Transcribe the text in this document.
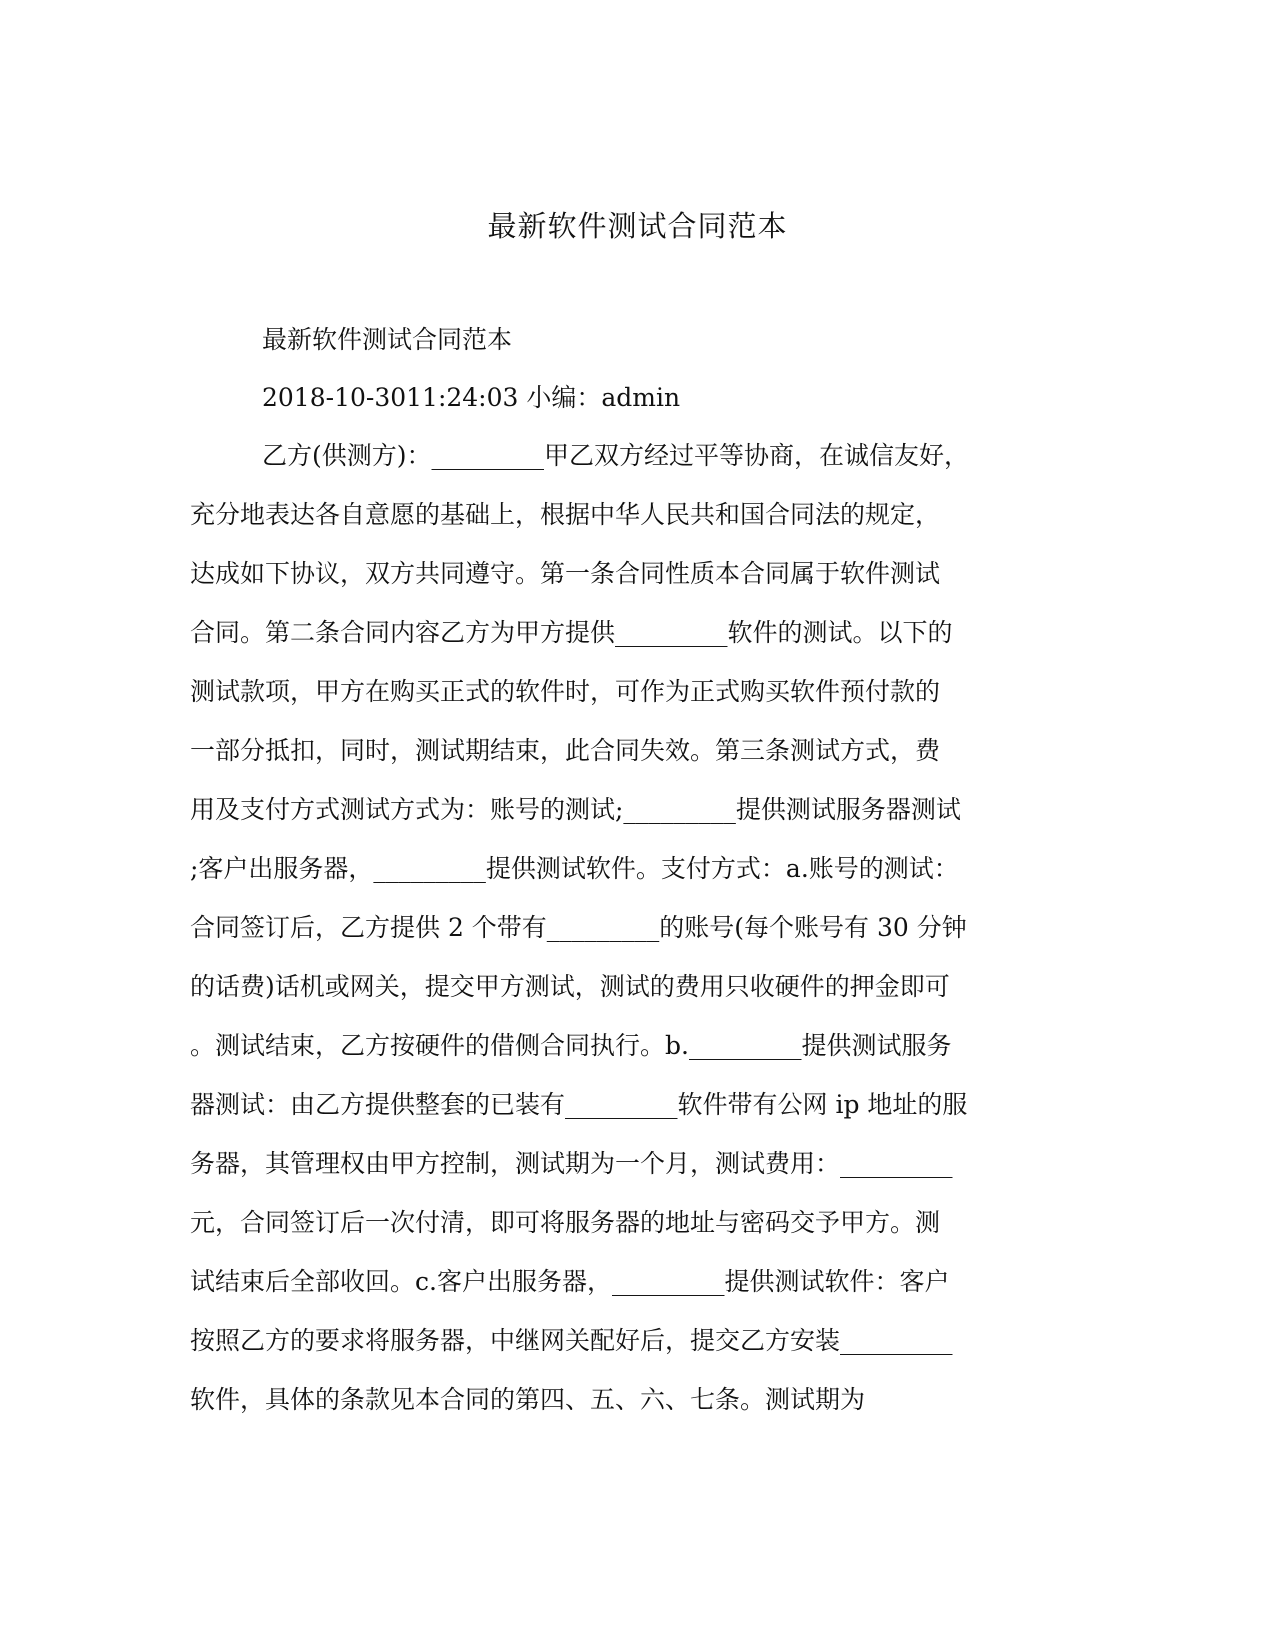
最新软件测试合同范本

最新软件测试合同范本

2018-10-3011:24:03 小编：admin

乙方(供测方)：_________甲乙双方经过平等协商，在诚信友好，

充分地表达各自意愿的基础上，根据中华人民共和国合同法的规定，

达成如下协议，双方共同遵守。第一条合同性质本合同属于软件测试

合同。第二条合同内容乙方为甲方提供_________软件的测试。以下的

测试款项，甲方在购买正式的软件时，可作为正式购买软件预付款的

一部分抵扣，同时，测试期结束，此合同失效。第三条测试方式，费

用及支付方式测试方式为：账号的测试;_________提供测试服务器测试

;客户出服务器，_________提供测试软件。支付方式：a.账号的测试：

合同签订后，乙方提供 2 个带有_________的账号(每个账号有 30 分钟

的话费)话机或网关，提交甲方测试，测试的费用只收硬件的押金即可

。测试结束，乙方按硬件的借侧合同执行。b._________提供测试服务

器测试：由乙方提供整套的已装有_________软件带有公网 ip 地址的服

务器，其管理权由甲方控制，测试期为一个月，测试费用：_________

元，合同签订后一次付清，即可将服务器的地址与密码交予甲方。测

试结束后全部收回。c.客户出服务器，_________提供测试软件：客户

按照乙方的要求将服务器，中继网关配好后，提交乙方安装_________

软件，具体的条款见本合同的第四、五、六、七条。测试期为
